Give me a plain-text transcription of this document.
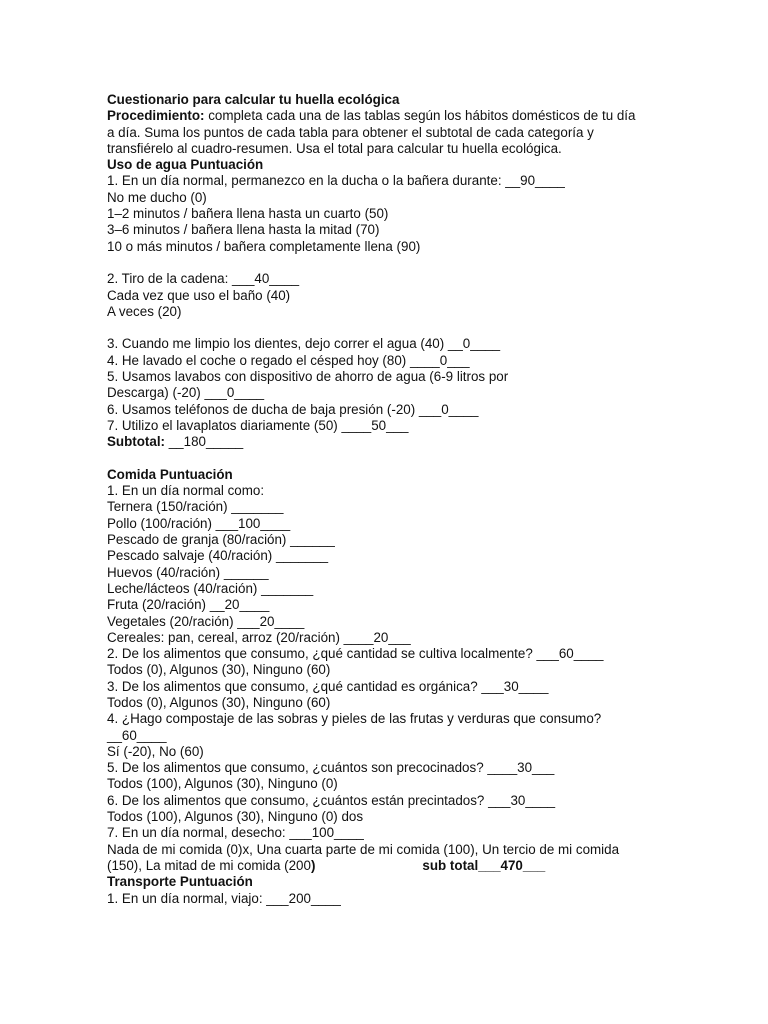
Cuestionario para calcular tu huella ecológica
Procedimiento: completa cada una de las tablas según los hábitos domésticos de tu día
a día. Suma los puntos de cada tabla para obtener el subtotal de cada categoría y
transfiérelo al cuadro-resumen. Usa el total para calcular tu huella ecológica.
Uso de agua Puntuación
1. En un día normal, permanezco en la ducha o la bañera durante: __90____
No me ducho (0)
1–2 minutos / bañera llena hasta un cuarto (50)
3–6 minutos / bañera llena hasta la mitad (70)
10 o más minutos / bañera completamente llena (90)
2. Tiro de la cadena: ___40____
Cada vez que uso el baño (40)
A veces (20)
3. Cuando me limpio los dientes, dejo correr el agua (40) __0____
4. He lavado el coche o regado el césped hoy (80) ____0___
5. Usamos lavabos con dispositivo de ahorro de agua (6-9 litros por
Descarga) (-20) ___0____
6. Usamos teléfonos de ducha de baja presión (-20) ___0____
7. Utilizo el lavaplatos diariamente (50) ____50___
Subtotal: __180_____
Comida Puntuación
1. En un día normal como:
Ternera (150/ración) _______
Pollo (100/ración) ___100____
Pescado de granja (80/ración) ______
Pescado salvaje (40/ración) _______
Huevos (40/ración) ______
Leche/lácteos (40/ración) _______
Fruta (20/ración) __20____
Vegetales (20/ración) ___20____
Cereales: pan, cereal, arroz (20/ración) ____20___
2. De los alimentos que consumo, ¿qué cantidad se cultiva localmente? ___60____
Todos (0), Algunos (30), Ninguno (60)
3. De los alimentos que consumo, ¿qué cantidad es orgánica? ___30____
Todos (0), Algunos (30), Ninguno (60)
4. ¿Hago compostaje de las sobras y pieles de las frutas y verduras que consumo?
__60____
Sí (-20), No (60)
5. De los alimentos que consumo, ¿cuántos son precocinados? ____30___
Todos (100), Algunos (30), Ninguno (0)
6. De los alimentos que consumo, ¿cuántos están precintados? ___30____
Todos (100), Algunos (30), Ninguno (0) dos
7. En un día normal, desecho: ___100____
Nada de mi comida (0)x, Una cuarta parte de mi comida (100), Un tercio de mi comida
(150), La mitad de mi comida (200)	sub total___470___
Transporte Puntuación
1. En un día normal, viajo: ___200____
